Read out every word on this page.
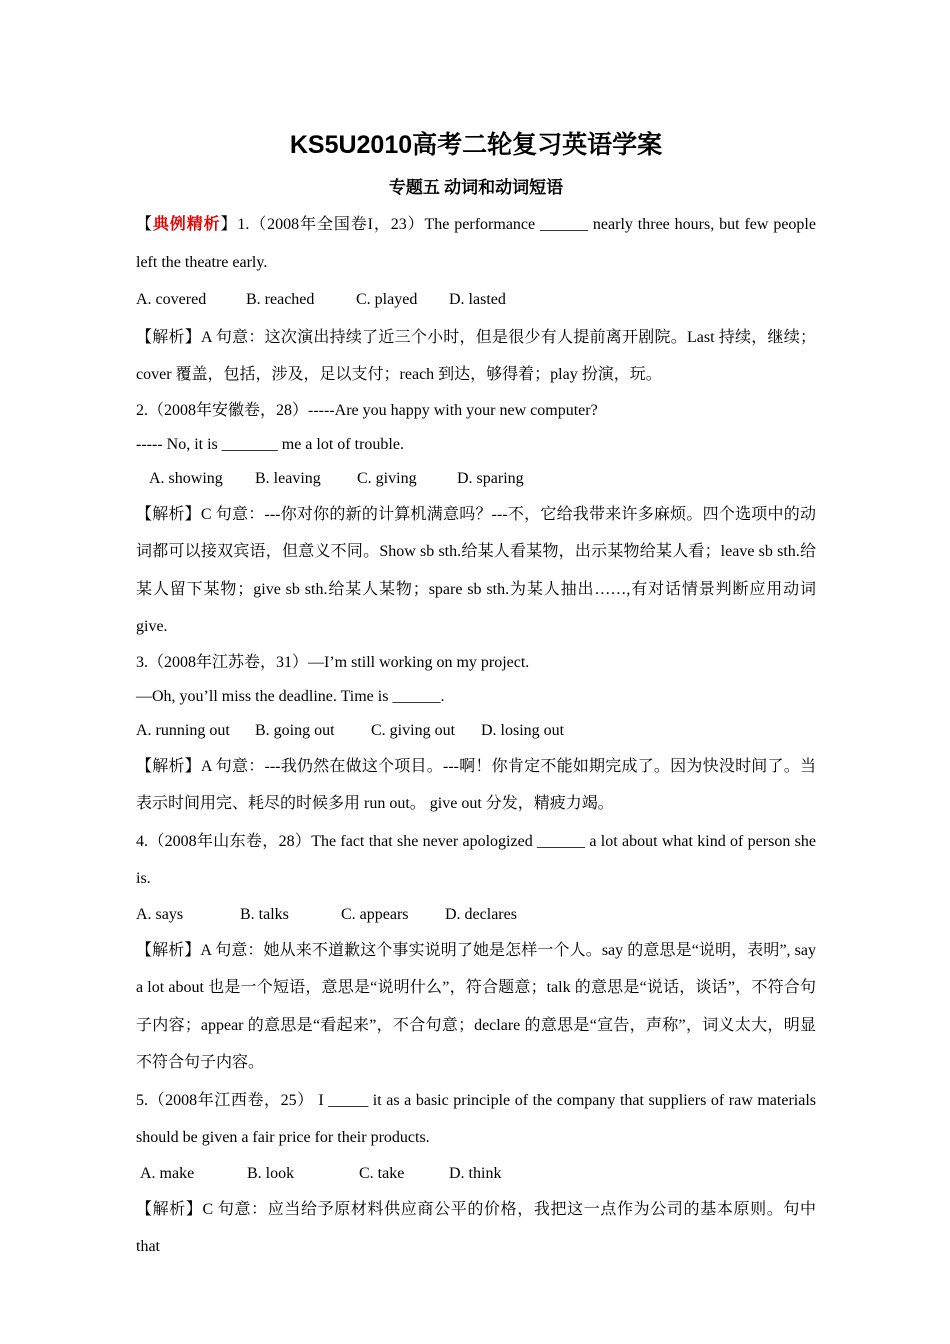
KS5U2010高考二轮复习英语学案
专题五 动词和动词短语
【典例精析】1.（2008年全国卷I，23）The performance ______ nearly three hours, but few people left the theatre early.
A. covered B. reached	C. played D. lasted
【解析】A 句意：这次演出持续了近三个小时，但是很少有人提前离开剧院。Last 持续，继续；cover 覆盖，包括，涉及，足以支付；reach 到达，够得着；play 扮演，玩。
2.（2008年安徽卷，28）-----Are you happy with your new computer?
----- No, it is _______ me a lot of trouble.
A. showing B. leaving C. giving	D. sparing
【解析】C 句意：---你对你的新的计算机满意吗？---不，它给我带来许多麻烦。四个选项中的动词都可以接双宾语，但意义不同。Show sb sth.给某人看某物，出示某物给某人看；leave sb sth.给某人留下某物；give sb sth.给某人某物；spare sb sth.为某人抽出……,有对话情景判断应用动词give.
3.（2008年江苏卷，31）—I’m still working on my project.
—Oh, you’ll miss the deadline. Time is ______.
A. running out B. going out C. giving out D. losing out
【解析】A 句意：---我仍然在做这个项目。---啊！你肯定不能如期完成了。因为快没时间了。当表示时间用完、耗尽的时候多用 run out。 give out 分发，精疲力竭。
4.（2008年山东卷，28）The fact that she never apologized ______ a lot about what kind of person she is.
A. says	B. talks	C. appears D. declares
【解析】A 句意：她从来不道歉这个事实说明了她是怎样一个人。say 的意思是“说明，表明”, say a lot about 也是一个短语，意思是“说明什么”，符合题意；talk 的意思是“说话，谈话”，不符合句子内容；appear 的意思是“看起来”，不合句意；declare 的意思是“宣告，声称”，词义太大，明显不符合句子内容。
5.（2008年江西卷，25） I _____ it as a basic principle of the company that suppliers of raw materials should be given a fair price for their products.
A. make	B. look	C. take	D. think
【解析】C 句意：应当给予原材料供应商公平的价格，我把这一点作为公司的基本原则。句中 that
